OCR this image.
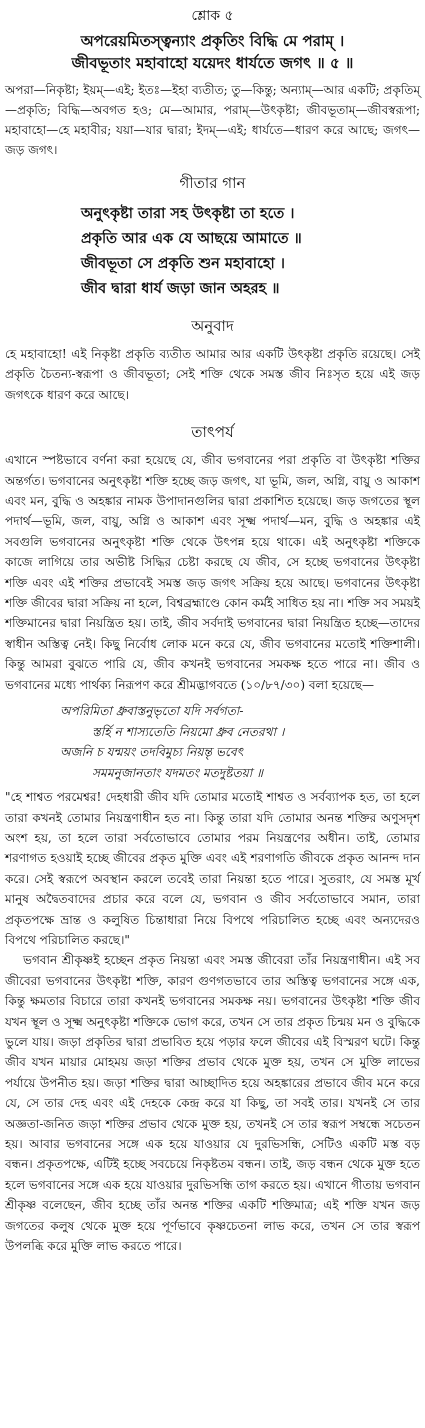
শ্লোক ৫
অপরেয়মিতস্ত্বন্যাং প্রকৃতিং বিদ্ধি মে পরাম্ ।
জীবভূতাং মহাবাহো যয়েদং ধার্যতে জগৎ ॥ ৫ ॥

অপরা—নিকৃষ্টা; ইয়ম্—এই; ইতঃ—ইহা ব্যতীত; তু—কিন্তু; অন্যাম্—আর একটি; প্রকৃতিম্—প্রকৃতি; বিদ্ধি—অবগত হও; মে—আমার, পরাম্—উৎকৃষ্টা; জীবভূতাম্—জীবস্বরূপা; মহাবাহো—হে মহাবীর; যয়া—যার দ্বারা; ইদম্—এই; ধার্যতে—ধারণ করে আছে; জগৎ—জড় জগৎ।

গীতার গান
অনুৎকৃষ্টা তারা সহ উৎকৃষ্টা তা হতে ।
প্রকৃতি আর এক যে আছয়ে আমাতে ॥
জীবভূতা সে প্রকৃতি শুন মহাবাহো ।
জীব দ্বারা ধার্য জড়া জান অহরহ ॥
অনুবাদ

হে মহাবাহো! এই নিকৃষ্টা প্রকৃতি ব্যতীত আমার আর একটি উৎকৃষ্টা প্রকৃতি রয়েছে। সেই প্রকৃতি চৈতন্য-স্বরূপা ও জীবভূতা; সেই শক্তি থেকে সমস্ত জীব নিঃসৃত হয়ে এই জড় জগৎকে ধারণ করে আছে।

তাৎপর্য

এখানে স্পষ্টভাবে বর্ণনা করা হয়েছে যে, জীব ভগবানের পরা প্রকৃতি বা উৎকৃষ্টা শক্তির অন্তর্গত। ভগবানের অনুৎকৃষ্টা শক্তি হচ্ছে জড় জগৎ, যা ভূমি, জল, অগ্নি, বায়ু ও আকাশ এবং মন, বুদ্ধি ও অহঙ্কার নামক উপাদানগুলির দ্বারা প্রকাশিত হয়েছে। জড় জগতের স্থূল পদার্থ—ভূমি, জল, বায়ু, অগ্নি ও আকাশ এবং সূক্ষ্ম পদার্থ—মন, বুদ্ধি ও অহঙ্কার এই সবগুলি ভগবানের অনুৎকৃষ্টা শক্তি থেকে উৎপন্ন হয়ে থাকে। এই অনুৎকৃষ্টা শক্তিকে কাজে লাগিয়ে তার অভীষ্ট সিদ্ধির চেষ্টা করছে যে জীব, সে হচ্ছে ভগবানের উৎকৃষ্টা শক্তি এবং এই শক্তির প্রভাবেই সমস্ত জড় জগৎ সক্রিয় হয়ে আছে। ভগবানের উৎকৃষ্টা শক্তি জীবের দ্বারা সক্রিয় না হলে, বিশ্বব্রহ্মাণ্ডে কোন কর্মই সাধিত হয় না। শক্তি সব সময়ই শক্তিমানের দ্বারা নিয়ন্ত্রিত হয়। তাই, জীব সর্বদাই ভগবানের দ্বারা নিয়ন্ত্রিত হচ্ছে—তাদের স্বাধীন অস্তিত্ব নেই। কিছু নির্বোধ লোক মনে করে যে, জীব ভগবানের মতোই শক্তিশালী। কিন্তু আমরা বুঝতে পারি যে, জীব কখনই ভগবানের সমকক্ষ হতে পারে না। জীব ও ভগবানের মধ্যে পার্থক্য নিরূপণ করে শ্রীমদ্ভাগবতে (১০/৮৭/৩০) বলা হয়েছে—

অপরিমিতা ধ্রুবাস্তনুভৃতো যদি সর্বগতা-
স্তর্হি ন শাস্যতেতি নিয়মো ধ্রুব নেতরথা ।
অজনি চ যন্ময়ং তদবিমুচ্য নিয়ন্তৃ ভবেৎ
সমমনুজানতাং যদমতং মতদুষ্টতয়া ॥

"হে শাশ্বত পরমেশ্বর! দেহধারী জীব যদি তোমার মতোই শাশ্বত ও সর্বব্যাপক হত, তা হলে তারা কখনই তোমার নিয়ন্ত্রণাধীন হত না। কিন্তু তারা যদি তোমার অনন্ত শক্তির অণুসদৃশ অংশ হয়, তা হলে তারা সর্বতোভাবে তোমার পরম নিয়ন্ত্রণের অধীন। তাই, তোমার শরণাগত হওয়াই হচ্ছে জীবের প্রকৃত মুক্তি এবং এই শরণাগতি জীবকে প্রকৃত আনন্দ দান করে। সেই স্বরূপে অবস্থান করলে তবেই তারা নিয়ন্তা হতে পারে। সুতরাং, যে সমস্ত মূর্খ মানুষ অদ্বৈতবাদের প্রচার করে বলে যে, ভগবান ও জীব সর্বতোভাবে সমান, তারা প্রকৃতপক্ষে ভ্রান্ত ও কলুষিত চিন্তাধারা নিয়ে বিপথে পরিচালিত হচ্ছে এবং অন্যদেরও বিপথে পরিচালিত করছে।"

ভগবান শ্রীকৃষ্ণই হচ্ছেন প্রকৃত নিয়ন্তা এবং সমস্ত জীবেরা তাঁর নিয়ন্ত্রণাধীন। এই সব জীবেরা ভগবানের উৎকৃষ্টা শক্তি, কারণ গুণগতভাবে তার অস্তিত্ব ভগবানের সঙ্গে এক, কিন্তু ক্ষমতার বিচারে তারা কখনই ভগবানের সমকক্ষ নয়। ভগবানের উৎকৃষ্টা শক্তি জীব যখন স্থূল ও সূক্ষ্ম অনুৎকৃষ্টা শক্তিকে ভোগ করে, তখন সে তার প্রকৃত চিন্ময় মন ও বুদ্ধিকে ভুলে যায়। জড়া প্রকৃতির দ্বারা প্রভাবিত হয়ে পড়ার ফলে জীবের এই বিস্মরণ ঘটে। কিন্তু জীব যখন মায়ার মোহময় জড়া শক্তির প্রভাব থেকে মুক্ত হয়, তখন সে মুক্তি লাভের পর্যায়ে উপনীত হয়। জড়া শক্তির দ্বারা আচ্ছাদিত হয়ে অহঙ্কারের প্রভাবে জীব মনে করে যে, সে তার দেহ এবং এই দেহকে কেন্দ্র করে যা কিছু, তা সবই তার। যখনই সে তার অজ্ঞতা-জনিত জড়া শক্তির প্রভাব থেকে মুক্ত হয়, তখনই সে তার স্বরূপ সম্বন্ধে সচেতন হয়। আবার ভগবানের সঙ্গে এক হয়ে যাওয়ার যে দুরভিসন্ধি, সেটিও একটি মস্ত বড় বন্ধন। প্রকৃতপক্ষে, এটিই হচ্ছে সবচেয়ে নিকৃষ্টতম বন্ধন। তাই, জড় বন্ধন থেকে মুক্ত হতে হলে ভগবানের সঙ্গে এক হয়ে যাওয়ার দুরভিসন্ধি তাগ করতে হয়। এখানে গীতায় ভগবান শ্রীকৃষ্ণ বলেছেন, জীব হচ্ছে তাঁর অনন্ত শক্তির একটি শক্তিমাত্র; এই শক্তি যখন জড় জগতের কলুষ থেকে মুক্ত হয়ে পূর্ণভাবে কৃষ্ণচেতনা লাভ করে, তখন সে তার স্বরূপ উপলব্ধি করে মুক্তি লাভ করতে পারে।
